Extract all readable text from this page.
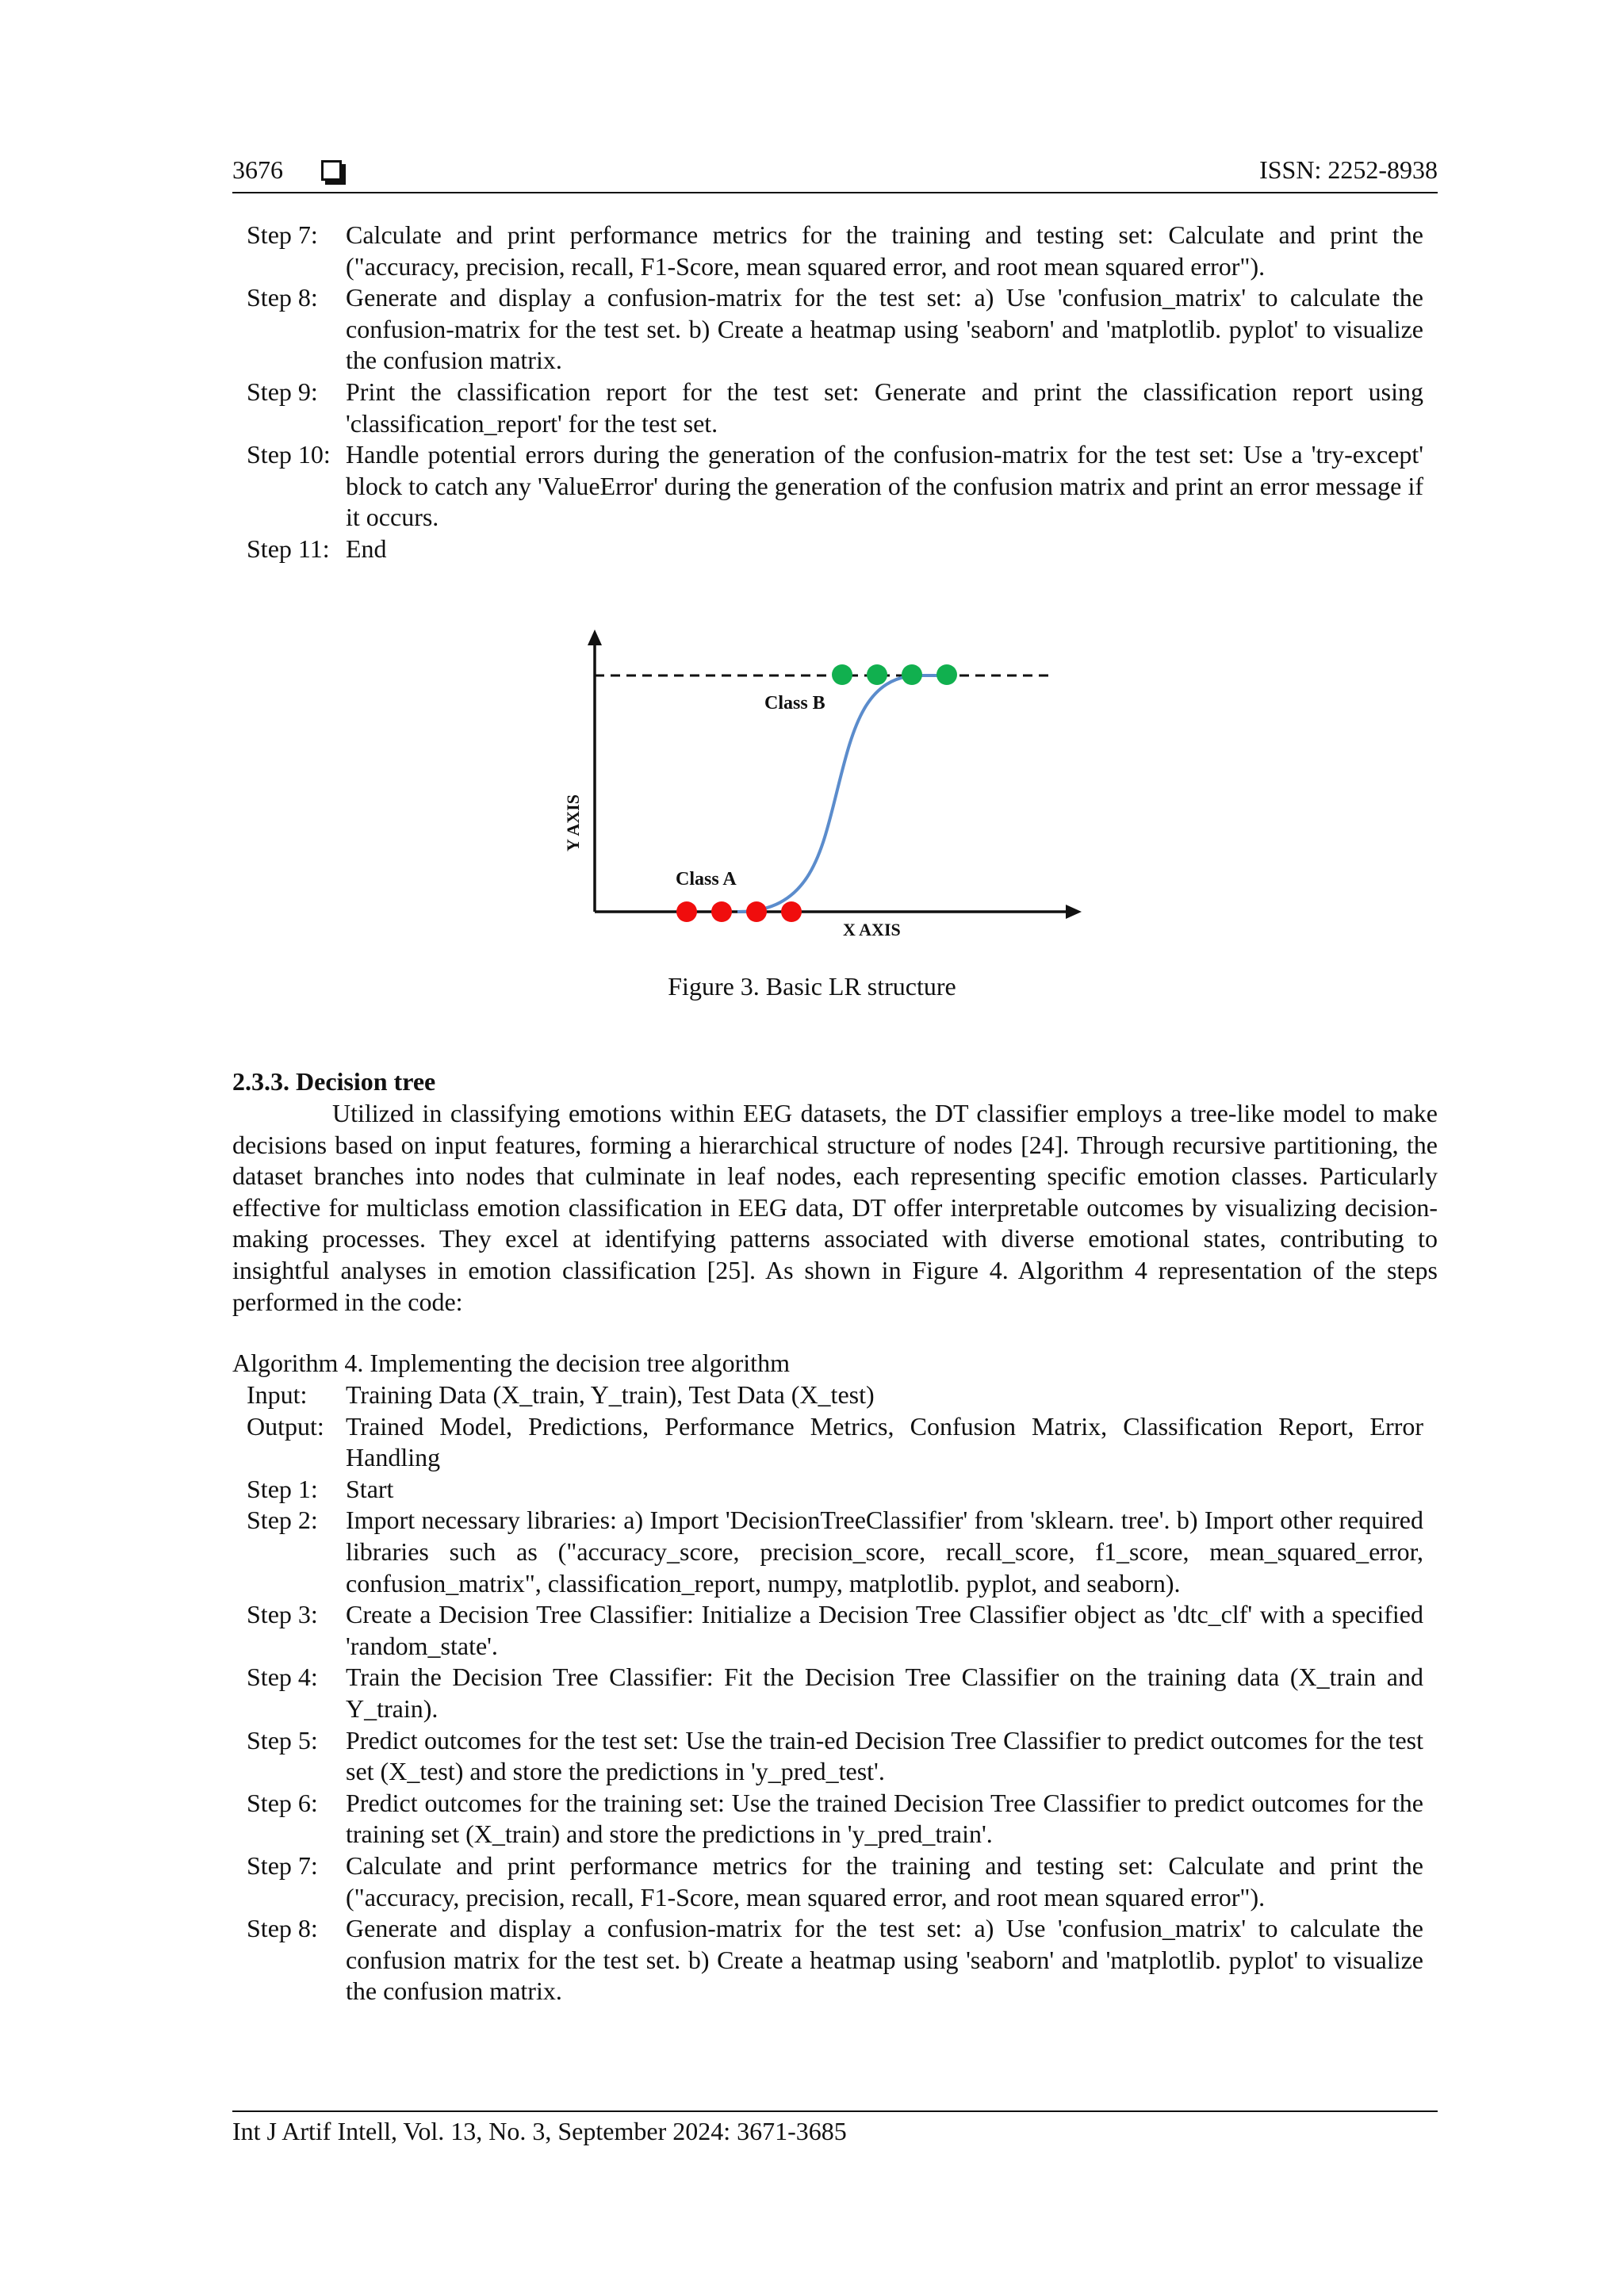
3676	ISSN: 2252-8938
Step 7: Calculate and print performance metrics for the training and testing set: Calculate and print the ("accuracy, precision, recall, F1-Score, mean squared error, and root mean squared error").
Step 8: Generate and display a confusion-matrix for the test set: a) Use 'confusion_matrix' to calculate the confusion-matrix for the test set. b) Create a heatmap using 'seaborn' and 'matplotlib. pyplot' to visualize the confusion matrix.
Step 9: Print the classification report for the test set: Generate and print the classification report using 'classification_report' for the test set.
Step 10: Handle potential errors during the generation of the confusion-matrix for the test set: Use a 'try-except' block to catch any 'ValueError' during the generation of the confusion matrix and print an error message if it occurs.
Step 11: End
Class B
Class A
X AXIS
Y AXIS
Figure 3. Basic LR structure
2.3.3. Decision tree
Utilized in classifying emotions within EEG datasets, the DT classifier employs a tree-like model to make decisions based on input features, forming a hierarchical structure of nodes [24]. Through recursive partitioning, the dataset branches into nodes that culminate in leaf nodes, each representing specific emotion classes. Particularly effective for multiclass emotion classification in EEG data, DT offer interpretable outcomes by visualizing decision-making processes. They excel at identifying patterns associated with diverse emotional states, contributing to insightful analyses in emotion classification [25]. As shown in Figure 4. Algorithm 4 representation of the steps performed in the code:
Algorithm 4. Implementing the decision tree algorithm
Input: Training Data (X_train, Y_train), Test Data (X_test)
Output: Trained Model, Predictions, Performance Metrics, Confusion Matrix, Classification Report, Error Handling
Step 1: Start
Step 2: Import necessary libraries: a) Import 'DecisionTreeClassifier' from 'sklearn. tree'. b) Import other required libraries such as ("accuracy_score, precision_score, recall_score, f1_score, mean_squared_error, confusion_matrix", classification_report, numpy, matplotlib. pyplot, and seaborn).
Step 3: Create a Decision Tree Classifier: Initialize a Decision Tree Classifier object as 'dtc_clf' with a specified 'random_state'.
Step 4: Train the Decision Tree Classifier: Fit the Decision Tree Classifier on the training data (X_train and Y_train).
Step 5: Predict outcomes for the test set: Use the train-ed Decision Tree Classifier to predict outcomes for the test set (X_test) and store the predictions in 'y_pred_test'.
Step 6: Predict outcomes for the training set: Use the trained Decision Tree Classifier to predict outcomes for the training set (X_train) and store the predictions in 'y_pred_train'.
Step 7: Calculate and print performance metrics for the training and testing set: Calculate and print the ("accuracy, precision, recall, F1-Score, mean squared error, and root mean squared error").
Step 8: Generate and display a confusion-matrix for the test set: a) Use 'confusion_matrix' to calculate the confusion matrix for the test set. b) Create a heatmap using 'seaborn' and 'matplotlib. pyplot' to visualize the confusion matrix.
Int J Artif Intell, Vol. 13, No. 3, September 2024: 3671-3685
